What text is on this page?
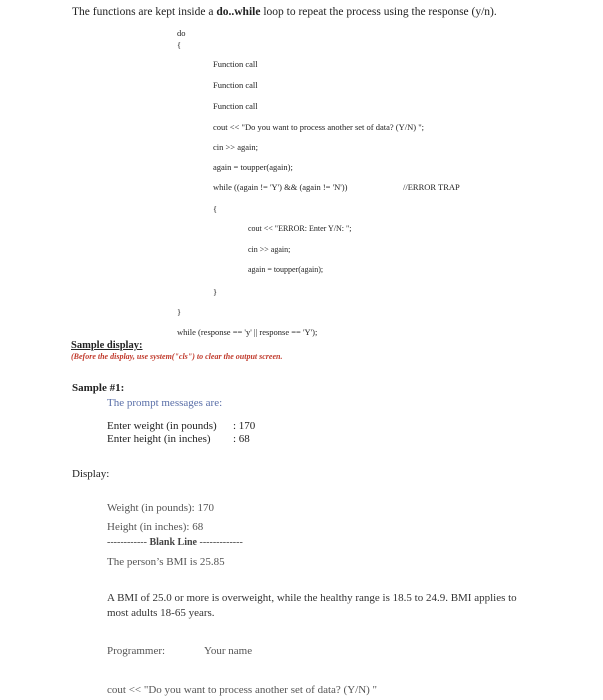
The functions are kept inside a do..while loop to repeat the process using the response (y/n).
do
{
Function call
Function call
Function call
cout << "Do you want to process another set of data? (Y/N) ";
cin >> again;
again = toupper(again);
while ((again != 'Y') && (again != 'N'))	//ERROR TRAP
{
cout << "ERROR: Enter Y/N: ";
cin >> again;
again = toupper(again);
}
}
while (response == 'y' || response == 'Y');
Sample display:
(Before the display, use system("cls") to clear the output screen.
Sample #1:
The prompt messages are:
Enter weight (in pounds) : 170
Enter height (in inches) : 68
Display:
Weight (in pounds): 170
Height (in inches): 68
------------ Blank Line -------------
The person’s BMI is 25.85
A BMI of 25.0 or more is overweight, while the healthy range is 18.5 to 24.9. BMI applies to most adults 18-65 years.
Programmer:	Your name
cout << "Do you want to process another set of data? (Y/N) "
